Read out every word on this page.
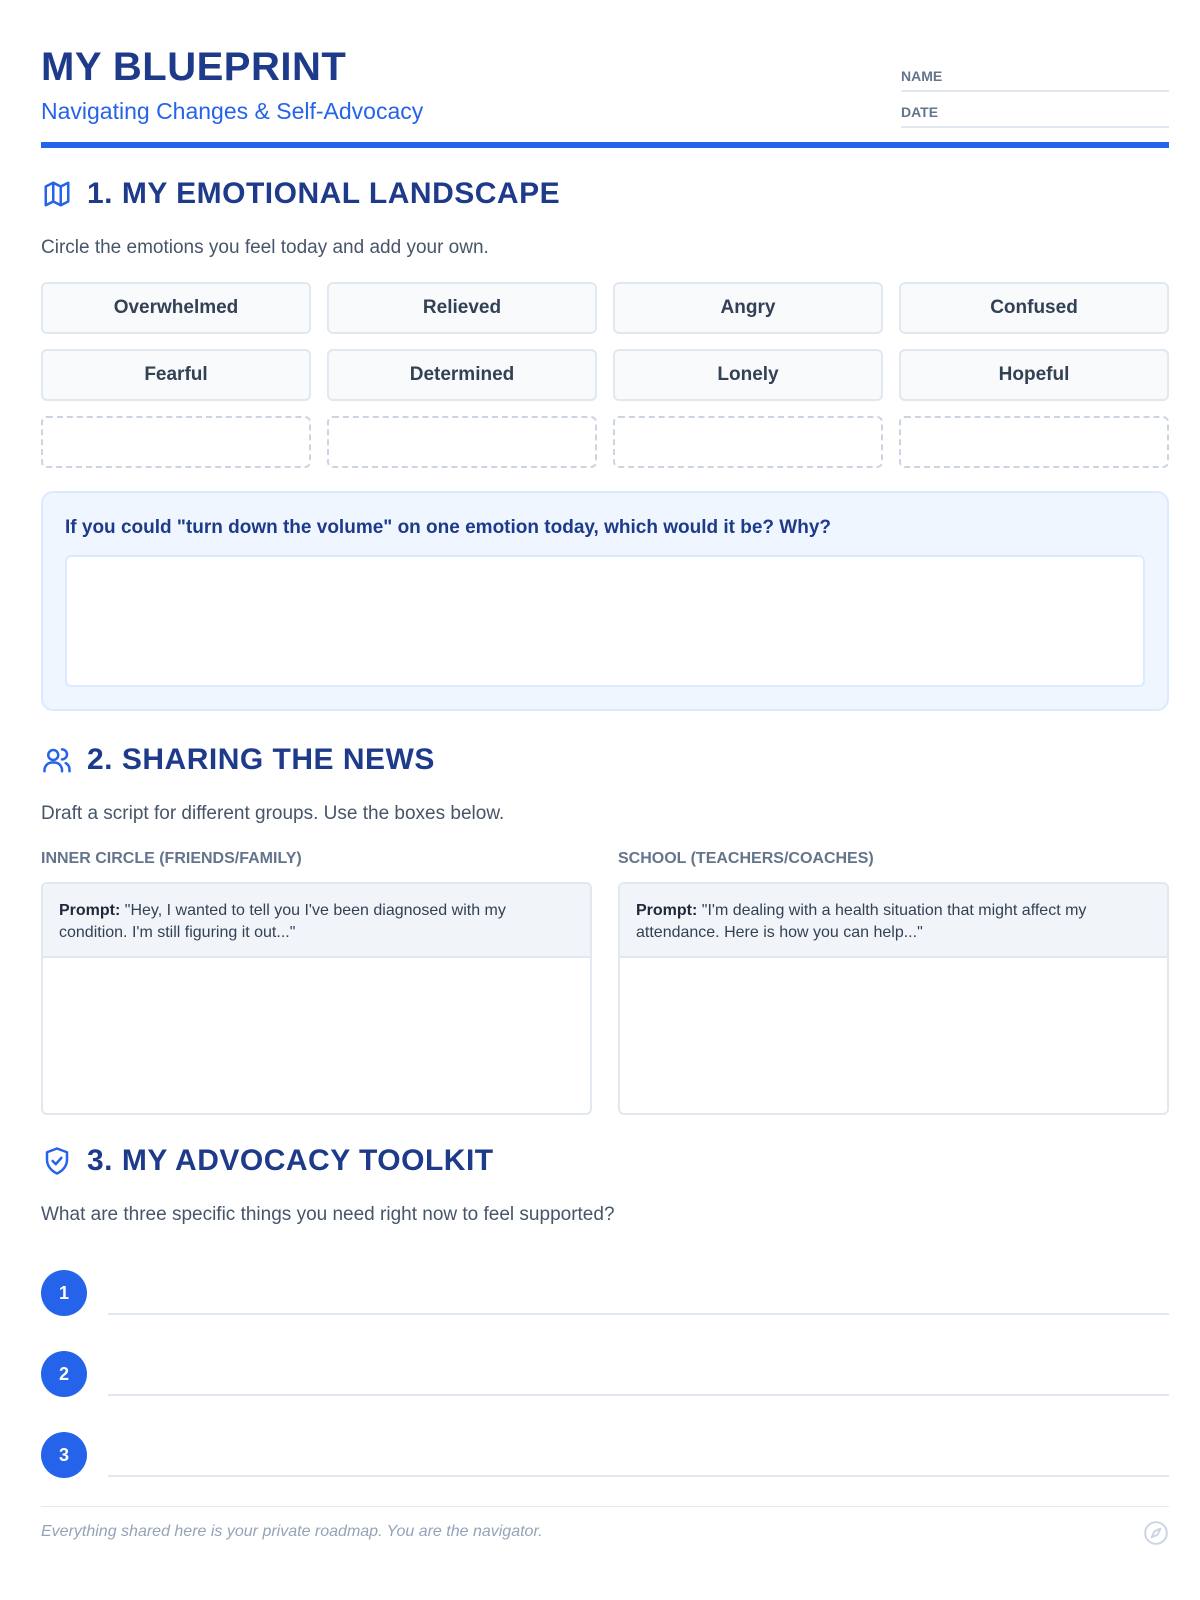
MY BLUEPRINT
Navigating Changes & Self-Advocacy
NAME
DATE
1. MY EMOTIONAL LANDSCAPE
Circle the emotions you feel today and add your own.
Overwhelmed	Relieved	Angry	Confused
Fearful	Determined	Lonely	Hopeful
If you could "turn down the volume" on one emotion today, which would it be? Why?
2. SHARING THE NEWS
Draft a script for different groups. Use the boxes below.
INNER CIRCLE (FRIENDS/FAMILY)
Prompt: "Hey, I wanted to tell you I've been diagnosed with my condition. I'm still figuring it out..."
SCHOOL (TEACHERS/COACHES)
Prompt: "I'm dealing with a health situation that might affect my attendance. Here is how you can help..."
3. MY ADVOCACY TOOLKIT
What are three specific things you need right now to feel supported?
1
2
3
Everything shared here is your private roadmap. You are the navigator.
